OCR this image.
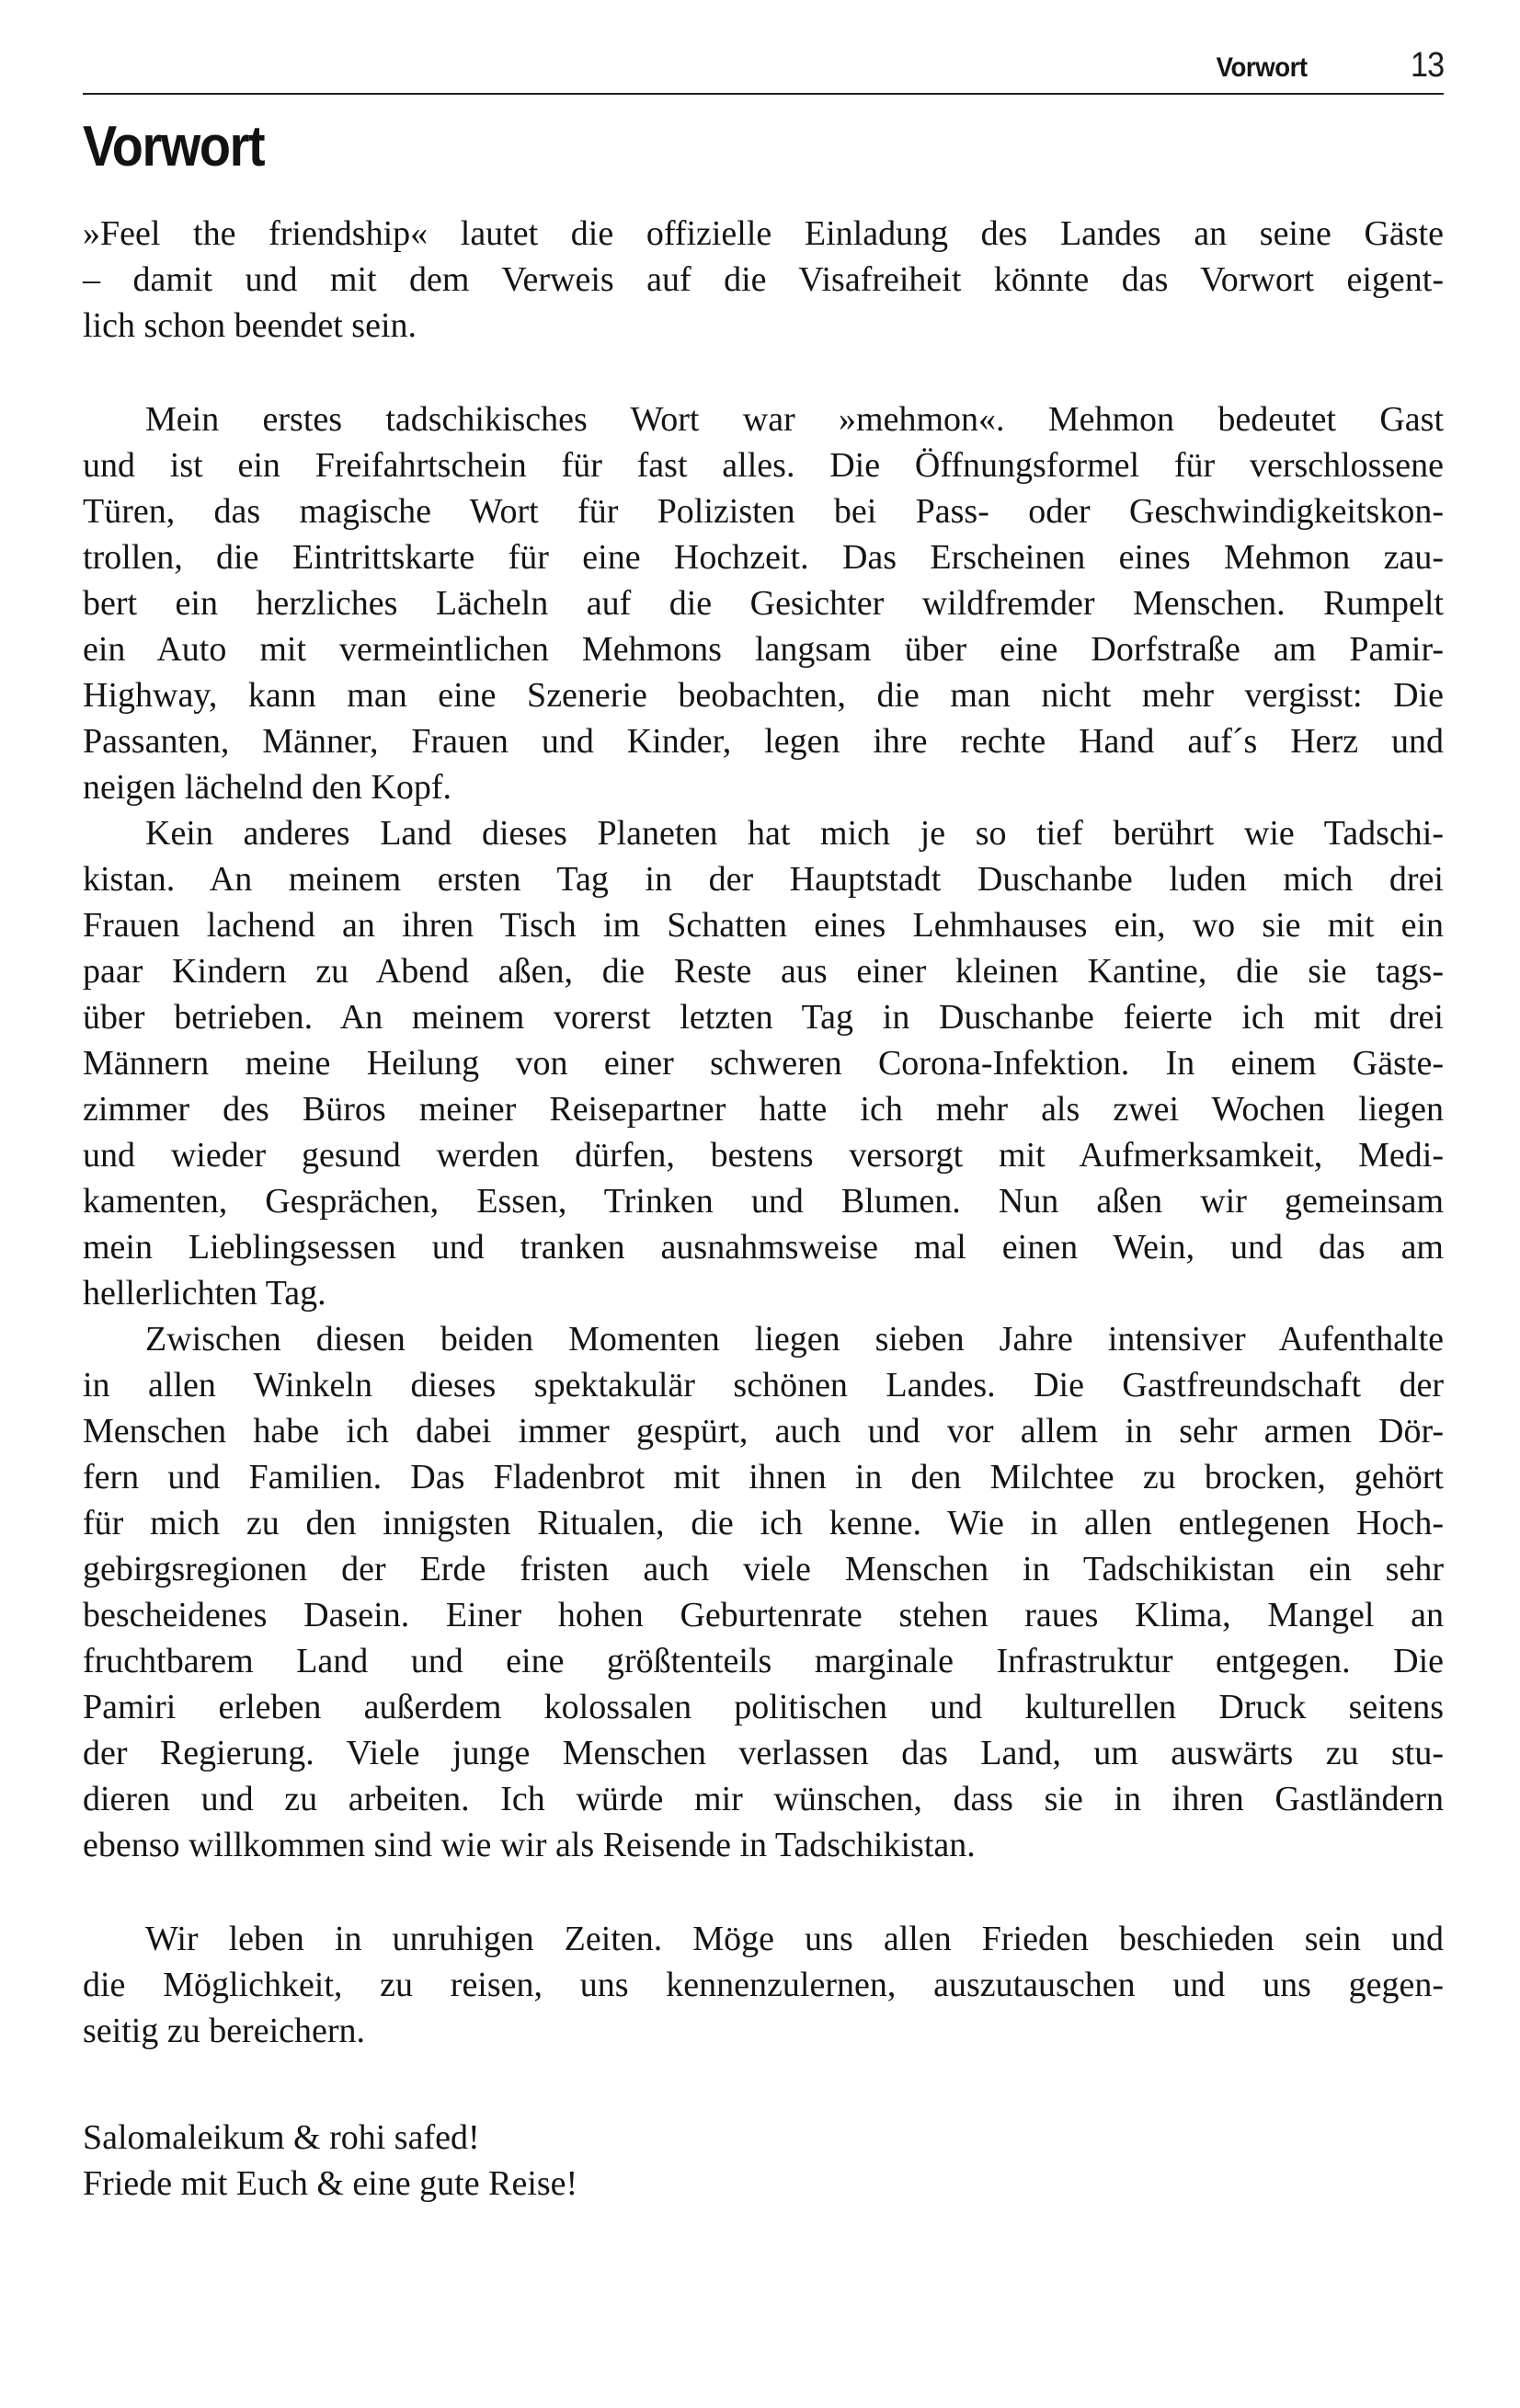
Vorwort	13
Vorwort
»Feel the friendship« lautet die offizielle Einladung des Landes an seine Gäste
– damit und mit dem Verweis auf die Visafreiheit könnte das Vorwort eigent-
lich schon beendet sein.
Mein erstes tadschikisches Wort war »mehmon«. Mehmon bedeutet Gast
und ist ein Freifahrtschein für fast alles. Die Öffnungsformel für verschlossene
Türen, das magische Wort für Polizisten bei Pass- oder Geschwindigkeitskon-
trollen, die Eintrittskarte für eine Hochzeit. Das Erscheinen eines Mehmon zau-
bert ein herzliches Lächeln auf die Gesichter wildfremder Menschen. Rumpelt
ein Auto mit vermeintlichen Mehmons langsam über eine Dorfstraße am Pamir-
Highway, kann man eine Szenerie beobachten, die man nicht mehr vergisst: Die
Passanten, Männer, Frauen und Kinder, legen ihre rechte Hand auf´s Herz und
neigen lächelnd den Kopf.
Kein anderes Land dieses Planeten hat mich je so tief berührt wie Tadschi-
kistan. An meinem ersten Tag in der Hauptstadt Duschanbe luden mich drei
Frauen lachend an ihren Tisch im Schatten eines Lehmhauses ein, wo sie mit ein
paar Kindern zu Abend aßen, die Reste aus einer kleinen Kantine, die sie tags-
über betrieben. An meinem vorerst letzten Tag in Duschanbe feierte ich mit drei
Männern meine Heilung von einer schweren Corona-Infektion. In einem Gäste-
zimmer des Büros meiner Reisepartner hatte ich mehr als zwei Wochen liegen
und wieder gesund werden dürfen, bestens versorgt mit Aufmerksamkeit, Medi-
kamenten, Gesprächen, Essen, Trinken und Blumen. Nun aßen wir gemeinsam
mein Lieblingsessen und tranken ausnahmsweise mal einen Wein, und das am
hellerlichten Tag.
Zwischen diesen beiden Momenten liegen sieben Jahre intensiver Aufenthalte
in allen Winkeln dieses spektakulär schönen Landes. Die Gastfreundschaft der
Menschen habe ich dabei immer gespürt, auch und vor allem in sehr armen Dör-
fern und Familien. Das Fladenbrot mit ihnen in den Milchtee zu brocken, gehört
für mich zu den innigsten Ritualen, die ich kenne. Wie in allen entlegenen Hoch-
gebirgsregionen der Erde fristen auch viele Menschen in Tadschikistan ein sehr
bescheidenes Dasein. Einer hohen Geburtenrate stehen raues Klima, Mangel an
fruchtbarem Land und eine größtenteils marginale Infrastruktur entgegen. Die
Pamiri erleben außerdem kolossalen politischen und kulturellen Druck seitens
der Regierung. Viele junge Menschen verlassen das Land, um auswärts zu stu-
dieren und zu arbeiten. Ich würde mir wünschen, dass sie in ihren Gastländern
ebenso willkommen sind wie wir als Reisende in Tadschikistan.
Wir leben in unruhigen Zeiten. Möge uns allen Frieden beschieden sein und
die Möglichkeit, zu reisen, uns kennenzulernen, auszutauschen und uns gegen-
seitig zu bereichern.
Salomaleikum & rohi safed!
Friede mit Euch & eine gute Reise!
